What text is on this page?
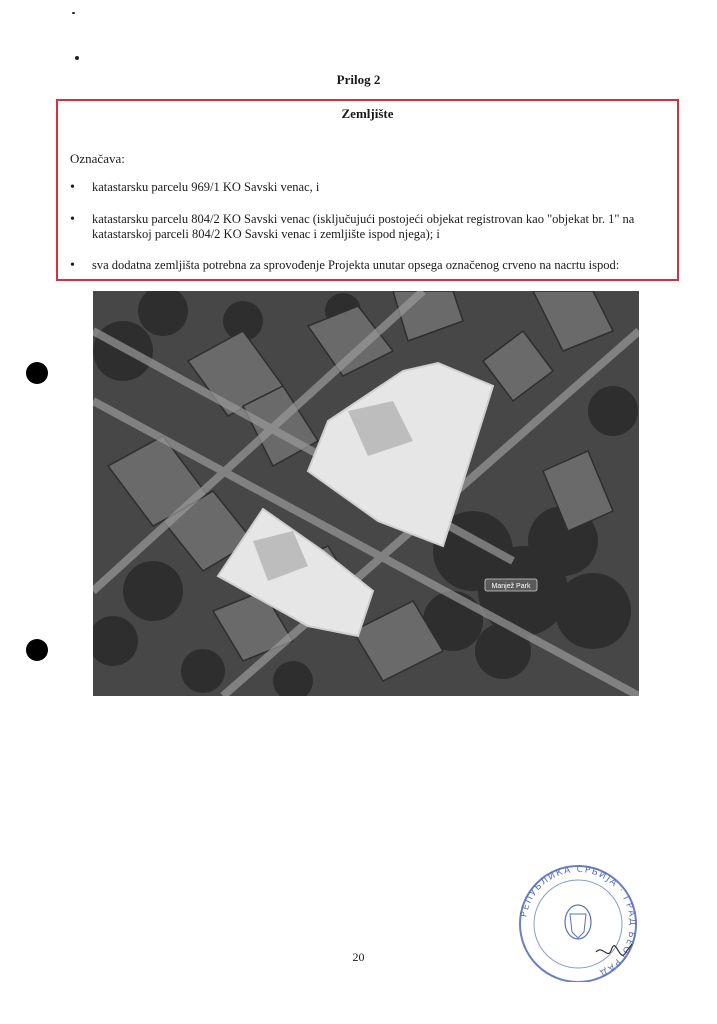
Prilog 2
Zemljište
Označava:
• katastarsku parcelu 969/1 KO Savski venac, i
• katastarsku parcelu 804/2 KO Savski venac (isključujući postojeći objekat registrovan kao "objekat br. 1" na katastarskoj parceli 804/2 KO Savski venac i zemljište ispod njega); i
• sva dodatna zemljišta potrebna za sprovođenje Projekta unutar opsega označenog crveno na nacrtu ispod:
Manjež Park
20
РЕПУБЛИКА СРБИЈА · ГРАД БЕОГРАД
